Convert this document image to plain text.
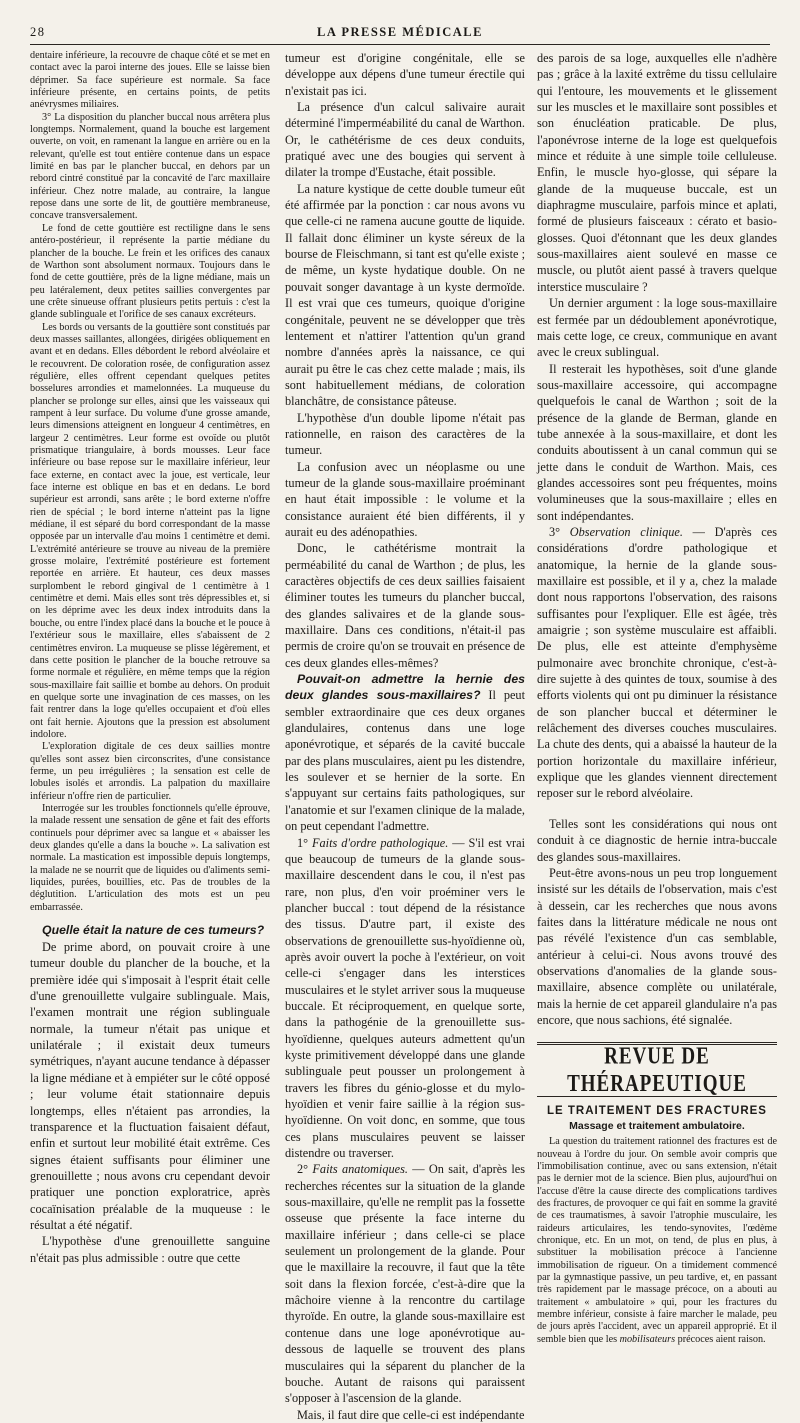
28	LA PRESSE MÉDICALE

dentaire inférieure, la recouvre de chaque côté et se met en contact avec la paroi interne des joues. Elle se laisse bien déprimer. Sa face supérieure est normale. Sa face inférieure présente, en certains points, de petits anévrysmes miliaires.

3° La disposition du plancher buccal nous arrêtera plus longtemps. Normalement, quand la bouche est largement ouverte, on voit, en ramenant la langue en arrière ou en la relevant, qu'elle est tout entière contenue dans un espace limité en bas par le plancher buccal, en dehors par un rebord cintré constitué par la concavité de l'arc maxillaire inférieur. Chez notre malade, au contraire, la langue repose dans une sorte de lit, de gouttière membraneuse, concave transversalement.

Le fond de cette gouttière est rectiligne dans le sens antéro-postérieur, il représente la partie médiane du plancher de la bouche. Le frein et les orifices des canaux de Warthon sont absolument normaux. Toujours dans le fond de cette gouttière, près de la ligne médiane, mais un peu latéralement, deux petites saillies convergentes par une crête sinueuse offrant plusieurs petits pertuis : c'est la glande sublinguale et l'orifice de ses canaux excréteurs.

Les bords ou versants de la gouttière sont constitués par deux masses saillantes, allongées, dirigées obliquement en avant et en dedans. Elles débordent le rebord alvéolaire et le recouvrent. De coloration rosée, de configuration assez régulière, elles offrent cependant quelques petites bosselures arrondies et mamelonnées. La muqueuse du plancher se prolonge sur elles, ainsi que les vaisseaux qui rampent à leur surface. Du volume d'une grosse amande, leurs dimensions atteignent en longueur 4 centimètres, en largeur 2 centimètres. Leur forme est ovoïde ou plutôt prismatique triangulaire, à bords mousses. Leur face inférieure ou base repose sur le maxillaire inférieur, leur face externe, en contact avec la joue, est verticale, leur face interne est oblique en bas et en dedans. Le bord supérieur est arrondi, sans arête ; le bord externe n'offre rien de spécial ; le bord interne n'atteint pas la ligne médiane, il est séparé du bord correspondant de la masse opposée par un intervalle d'au moins 1 centimètre et demi. L'extrémité antérieure se trouve au niveau de la première grosse molaire, l'extrémité postérieure est fortement reportée en arrière. Et hauteur, ces deux masses surplombent le rebord gingival de 1 centimètre à 1 centimètre et demi. Mais elles sont très dépressibles et, si on les déprime avec les deux index introduits dans la bouche, ou entre l'index placé dans la bouche et le pouce à l'extérieur sous le maxillaire, elles s'abaissent de 2 centimètres environ. La muqueuse se plisse légèrement, et dans cette position le plancher de la bouche retrouve sa forme normale et régulière, en même temps que la région sous-maxillaire fait saillie et bombe au dehors. On produit en quelque sorte une invagination de ces masses, on les fait rentrer dans la loge qu'elles occupaient et d'où elles ont fait hernie. Ajoutons que la pression est absolument indolore.

L'exploration digitale de ces deux saillies montre qu'elles sont assez bien circonscrites, d'une consistance ferme, un peu irrégulières ; la sensation est celle de lobules isolés et arrondis. La palpation du maxillaire inférieur n'offre rien de particulier.

Interrogée sur les troubles fonctionnels qu'elle éprouve, la malade ressent une sensation de gêne et fait des efforts continuels pour déprimer avec sa langue et « abaisser les deux glandes qu'elle a dans la bouche ». La salivation est normale. La mastication est impossible depuis longtemps, la malade ne se nourrit que de liquides ou d'aliments semi-liquides, purées, bouillies, etc. Pas de troubles de la déglutition. L'articulation des mots est un peu embarrassée.

Quelle était la nature de ces tumeurs?

De prime abord, on pouvait croire à une tumeur double du plancher de la bouche, et la première idée qui s'imposait à l'esprit était celle d'une grenouillette vulgaire sublinguale. Mais, l'examen montrait une région sublinguale normale, la tumeur n'était pas unique et unilatérale ; il existait deux tumeurs symétriques, n'ayant aucune tendance à dépasser la ligne médiane et à empiéter sur le côté opposé ; leur volume était stationnaire depuis longtemps, elles n'étaient pas arrondies, la transparence et la fluctuation faisaient défaut, enfin et surtout leur mobilité était extrême. Ces signes étaient suffisants pour éliminer une grenouillette ; nous avons cru cependant devoir pratiquer une ponction exploratrice, après cocaïnisation préalable de la muqueuse : le résultat a été négatif.

L'hypothèse d'une grenouillette sanguine n'était pas plus admissible : outre que cette

tumeur est d'origine congénitale, elle se développe aux dépens d'une tumeur érectile qui n'existait pas ici.

La présence d'un calcul salivaire aurait déterminé l'imperméabilité du canal de Warthon. Or, le cathétérisme de ces deux conduits, pratiqué avec une des bougies qui servent à dilater la trompe d'Eustache, était possible.

La nature kystique de cette double tumeur eût été affirmée par la ponction : car nous avons vu que celle-ci ne ramena aucune goutte de liquide. Il fallait donc éliminer un kyste séreux de la bourse de Fleischmann, si tant est qu'elle existe ; de même, un kyste hydatique double. On ne pouvait songer davantage à un kyste dermoïde. Il est vrai que ces tumeurs, quoique d'origine congénitale, peuvent ne se développer que très lentement et n'attirer l'attention qu'un grand nombre d'années après la naissance, ce qui aurait pu être le cas chez cette malade ; mais, ils sont habituellement médians, de coloration blanchâtre, de consistance pâteuse.

L'hypothèse d'un double lipome n'était pas rationnelle, en raison des caractères de la tumeur.

La confusion avec un néoplasme ou une tumeur de la glande sous-maxillaire proéminant en haut était impossible : le volume et la consistance auraient été bien différents, il y aurait eu des adénopathies.

Donc, le cathétérisme montrait la perméabilité du canal de Warthon ; de plus, les caractères objectifs de ces deux saillies faisaient éliminer toutes les tumeurs du plancher buccal, des glandes salivaires et de la glande sous-maxillaire. Dans ces conditions, n'était-il pas permis de croire qu'on se trouvait en présence de ces deux glandes elles-mêmes?

Pouvait-on admettre la hernie des deux glandes sous-maxillaires? Il peut sembler extraordinaire que ces deux organes glandulaires, contenus dans une loge aponévrotique, et séparés de la cavité buccale par des plans musculaires, aient pu les distendre, les soulever et se hernier de la sorte. En s'appuyant sur certains faits pathologiques, sur l'anatomie et sur l'examen clinique de la malade, on peut cependant l'admettre.

1° Faits d'ordre pathologique. — S'il est vrai que beaucoup de tumeurs de la glande sous-maxillaire descendent dans le cou, il n'est pas rare, non plus, d'en voir proéminer vers le plancher buccal : tout dépend de la résistance des tissus. D'autre part, il existe des observations de grenouillette sus-hyoïdienne où, après avoir ouvert la poche à l'extérieur, on voit celle-ci s'engager dans les interstices musculaires et le stylet arriver sous la muqueuse buccale. Et réciproquement, en quelque sorte, dans la pathogénie de la grenouillette sus-hyoïdienne, quelques auteurs admettent qu'un kyste primitivement développé dans une glande sublinguale peut pousser un prolongement à travers les fibres du génio-glosse et du mylo-hyoïdien et venir faire saillie à la région sus-hyoïdienne. On voit donc, en somme, que tous ces plans musculaires peuvent se laisser distendre ou traverser.

2° Faits anatomiques. — On sait, d'après les recherches récentes sur la situation de la glande sous-maxillaire, qu'elle ne remplit pas la fossette osseuse que présente la face interne du maxillaire inférieur ; dans celle-ci se place seulement un prolongement de la glande. Pour que le maxillaire la recouvre, il faut que la tête soit dans la flexion forcée, c'est-à-dire que la mâchoire vienne à la rencontre du cartilage thyroïde. En outre, la glande sous-maxillaire est contenue dans une loge aponévrotique au-dessous de laquelle se trouvent des plans musculaires qui la séparent du plancher de la bouche. Autant de raisons qui paraissent s'opposer à l'ascension de la glande.

Mais, il faut dire que celle-ci est indépendante

des parois de sa loge, auxquelles elle n'adhère pas ; grâce à la laxité extrême du tissu cellulaire qui l'entoure, les mouvements et le glissement sur les muscles et le maxillaire sont possibles et son énucléation praticable. De plus, l'aponévrose interne de la loge est quelquefois mince et réduite à une simple toile celluleuse. Enfin, le muscle hyo-glosse, qui sépare la glande de la muqueuse buccale, est un diaphragme musculaire, parfois mince et aplati, formé de plusieurs faisceaux : cérato et basio-glosses. Quoi d'étonnant que les deux glandes sous-maxillaires aient soulevé en masse ce muscle, ou plutôt aient passé à travers quelque interstice musculaire ?

Un dernier argument : la loge sous-maxillaire est fermée par un dédoublement aponévrotique, mais cette loge, ce creux, communique en avant avec le creux sublingual.

Il resterait les hypothèses, soit d'une glande sous-maxillaire accessoire, qui accompagne quelquefois le canal de Warthon ; soit de la présence de la glande de Berman, glande en tube annexée à la sous-maxillaire, et dont les conduits aboutissent à un canal commun qui se jette dans le conduit de Warthon. Mais, ces glandes accessoires sont peu fréquentes, moins volumineuses que la sous-maxillaire ; elles en sont indépendantes.

3° Observation clinique. — D'après ces considérations d'ordre pathologique et anatomique, la hernie de la glande sous-maxillaire est possible, et il y a, chez la malade dont nous rapportons l'observation, des raisons suffisantes pour l'expliquer. Elle est âgée, très amaigrie ; son système musculaire est affaibli. De plus, elle est atteinte d'emphysème pulmonaire avec bronchite chronique, c'est-à-dire sujette à des quintes de toux, soumise à des efforts violents qui ont pu diminuer la résistance de son plancher buccal et déterminer le relâchement des diverses couches musculaires. La chute des dents, qui a abaissé la hauteur de la portion horizontale du maxillaire inférieur, explique que les glandes viennent directement reposer sur le rebord alvéolaire.

Telles sont les considérations qui nous ont conduit à ce diagnostic de hernie intra-buccale des glandes sous-maxillaires.

Peut-être avons-nous un peu trop longuement insisté sur les détails de l'observation, mais c'est à dessein, car les recherches que nous avons faites dans la littérature médicale ne nous ont pas révélé l'existence d'un cas semblable, antérieur à celui-ci. Nous avons trouvé des observations d'anomalies de la glande sous-maxillaire, absence complète ou unilatérale, mais la hernie de cet appareil glandulaire n'a pas encore, que nous sachions, été signalée.

REVUE DE THÉRAPEUTIQUE
LE TRAITEMENT DES FRACTURES
Massage et traitement ambulatoire.

La question du traitement rationnel des fractures est de nouveau à l'ordre du jour. On semble avoir compris que l'immobilisation continue, avec ou sans extension, n'était pas le dernier mot de la science. Bien plus, aujourd'hui on l'accuse d'être la cause directe des complications tardives des fractures, de provoquer ce qui fait en somme la gravité de ces traumatismes, à savoir l'atrophie musculaire, les raideurs articulaires, les tendo-synovites, l'œdème chronique, etc. En un mot, on tend, de plus en plus, à substituer la mobilisation précoce à l'ancienne immobilisation de rigueur. On a timidement commencé par la gymnastique passive, un peu tardive, et, en passant très rapidement par le massage précoce, on a abouti au traitement « ambulatoire » qui, pour les fractures du membre inférieur, consiste à faire marcher le malade, peu de jours après l'accident, avec un appareil approprié. Et il semble bien que les mobilisateurs précoces aient raison.
